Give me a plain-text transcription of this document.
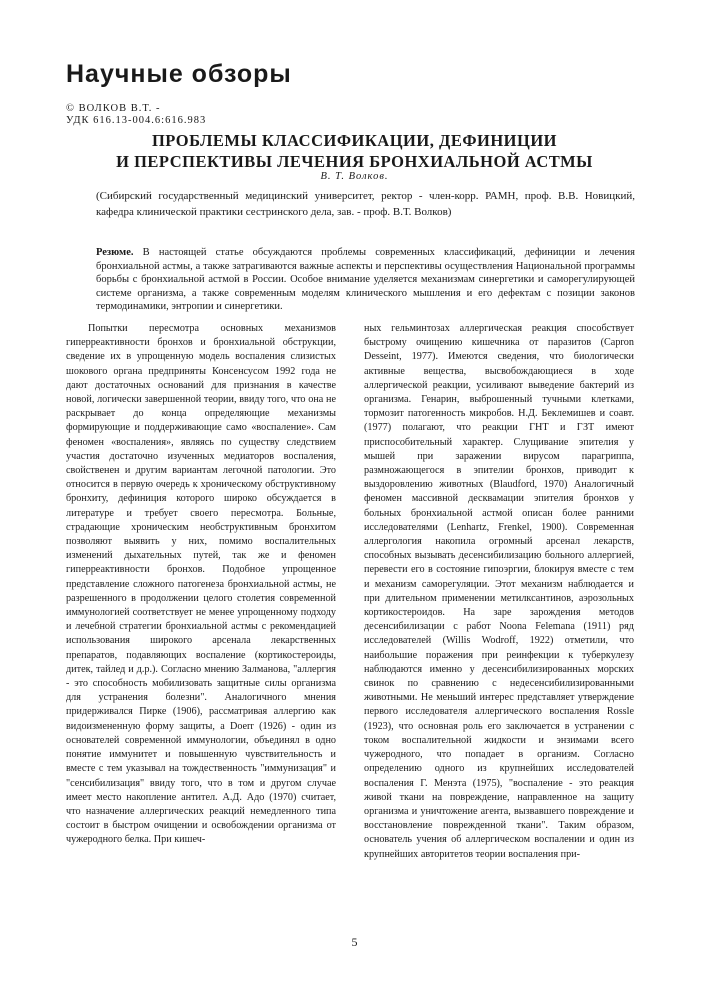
Научные обзоры
© ВОЛКОВ В.Т. -
УДК 616.13-004.6:616.983
ПРОБЛЕМЫ КЛАССИФИКАЦИИ, ДЕФИНИЦИИ
И ПЕРСПЕКТИВЫ ЛЕЧЕНИЯ БРОНХИАЛЬНОЙ АСТМЫ
В. Т. Волков.
(Сибирский государственный медицинский университет, ректор - член-корр. РАМН, проф. В.В. Новицкий, кафедра клинической практики сестринского дела, зав. - проф. В.Т. Волков)
Резюме. В настоящей статье обсуждаются проблемы современных классификаций, дефиниции и лечения бронхиальной астмы, а также затрагиваются важные аспекты и перспективы осуществления Национальной программы борьбы с бронхиальной астмой в России. Особое внимание уделяется механизмам синергетики и саморегулирующей системе организма, а также современным моделям клинического мышления и его дефектам с позиции законов термодинамики, энтропии и синергетики.

Попытки пересмотра основных механизмов гиперреактивности бронхов и бронхиальной обструкции, сведение их в упрощенную модель воспаления слизистых шокового органа предприняты Консенсусом 1992 года не дают достаточных оснований для признания в качестве новой, логически завершенной теории, ввиду того, что она не раскрывает до конца определяющие механизмы формирующие и поддерживающие само «воспаление». Сам феномен «воспаления», являясь по существу следствием участия достаточно изученных медиаторов воспаления, свойственен и другим вариантам легочной патологии. Это относится в первую очередь к хроническому обструктивному бронхиту, дефиниция которого широко обсуждается в литературе и требует своего пересмотра. Больные, страдающие хроническим необструктивным бронхитом позволяют выявить у них, помимо воспалительных изменений дыхательных путей, так же и феномен гиперреактивности бронхов. Подобное упрощенное представление сложного патогенеза бронхиальной астмы, не разрешенного в продолжении целого столетия современной иммунологией соответствует не менее упрощенному подходу и лечебной стратегии бронхиальной астмы с рекомендацией использования широкого арсенала лекарственных препаратов, подавляющих воспаление (кортикостероиды, дитек, тайлед и д.р.). Согласно мнению Залмановa, "аллергия - это способность мобилизовать защитные силы организма для устранения болезни". Аналогичного мнения придерживался Пирке (1906), рассматривая аллергию как видоизмененную форму защиты, а Doerr (1926) - один из основателей современной иммунологии, объединял в одно понятие иммунитет и повышенную чувствительность и вместе с тем указывал на тождественность "иммунизация" и "сенсибилизация" ввиду того, что в том и другом случае имеет место накопление антител. А.Д. Адо (1970) считает, что назначение аллергических реакций немедленного типа состоит в быстром очищении и освобождении организма от чужеродного белка. При кишеч-

ных гельминтозах аллергическая реакция способствует быстрому очищению кишечника от паразитов (Capron Desseint, 1977). Имеются сведения, что биологически активные вещества, высвобождающиеся в ходе аллергической реакции, усиливают выведение бактерий из организма. Генарин, выброшенный тучными клетками, тормозит патогенность микробов. Н.Д. Беклемишев и соавт. (1977) полагают, что реакции ГНТ и ГЗТ имеют приспособительный характер. Слущивание эпителия у мышей при заражении вирусом парагриппа, размножающегося в эпителии бронхов, приводит к выздоровлению животных (Blaudford, 1970) Аналогичный феномен массивной десквамации эпителия бронхов у больных бронхиальной астмой описан более ранними исследователями (Lenhartz, Frenkel, 1900). Современная аллергология накопила огромный арсенал лекарств, способных вызывать десенсибилизацию больного аллергией, перевести его в состояние гипоэргии, блокируя вместе с тем и механизм саморегуляции. Этот механизм наблюдается и при длительном применении метилксантинов, аэрозольных кортикостероидов. На заре зарождения методов десенсибилизации с работ Noona Felemana (1911) ряд исследователей (Willis Wodroff, 1922) отметили, что наибольшие поражения при реинфекции к туберкулезу наблюдаются именно у десенсибилизированных морских свинок по сравнению с недесенсибилизированными животными. Не меньший интерес представляет утверждение первого исследователя аллергического воспаления Rossle (1923), что основная роль его заключается в устранении с током воспалительной жидкости и энзимами всего чужеродного, что попадает в организм. Согласно определению одного из крупнейших исследователей воспаления Г. Менэта (1975), "воспаление - это реакция живой ткани на повреждение, направленное на защиту организма и уничтожение агента, вызвавшего повреждение и восстановление поврежденной ткани". Таким образом, основатель учения об аллергическом воспалении и один из крупнейших авторитетов теории воспаления при-

5
